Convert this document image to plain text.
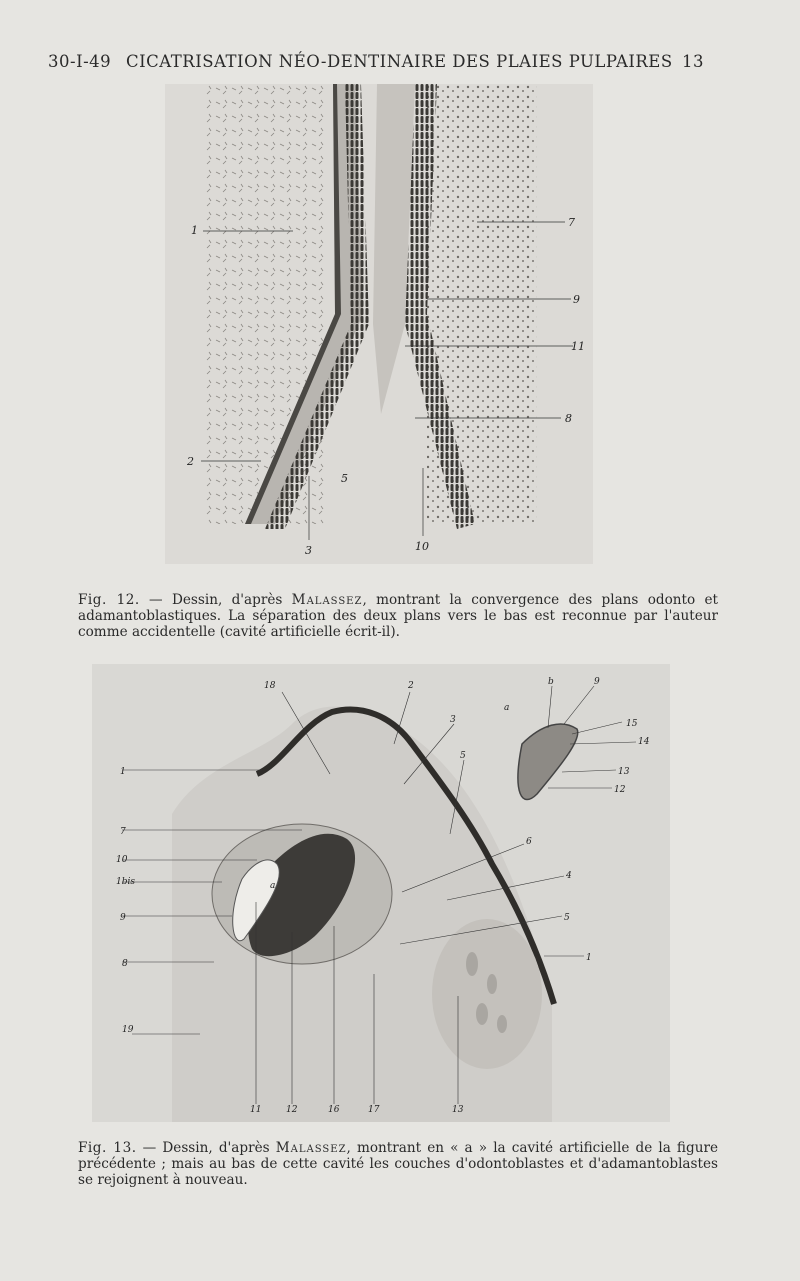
30-I-49 CICATRISATION NÉO-DENTINAIRE DES PLAIES PULPAIRES 13
1
2
3
5
7
9
11
8
10
Fig. 12. — Dessin, d'après Malassez, montrant la convergence des plans odonto et adamantoblastiques. La séparation des deux plans vers le bas est reconnue par l'auteur comme accidentelle (cavité artificielle écrit-il).
18	2
3
5
1
7
10
1bis
9
8
19
a
6
4
5
1
11	12	16	17	13
a
b	9
15
14
13
12
Fig. 13. — Dessin, d'après Malassez, montrant en « a » la cavité artificielle de la figure précédente ; mais au bas de cette cavité les couches d'odontoblastes et d'adamantoblastes se rejoignent à nouveau.
